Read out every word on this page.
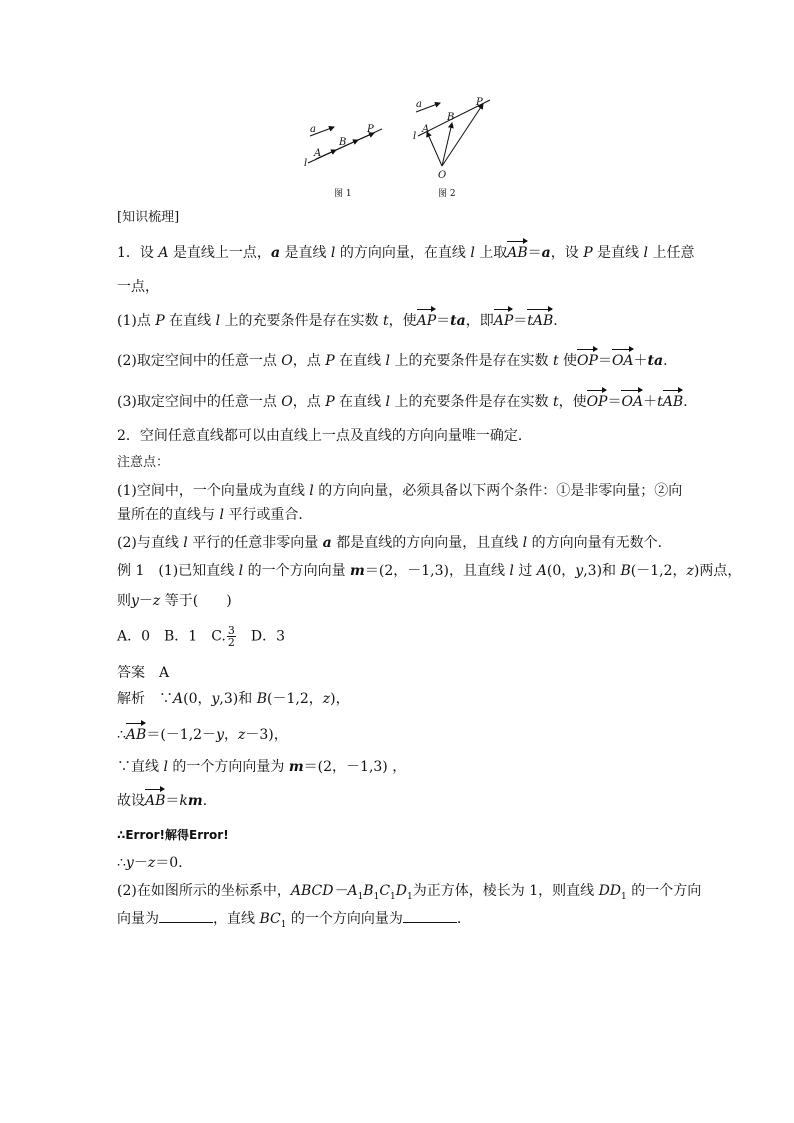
a
l
A
B
P
图 1
a
l
A
B
P
O
图 2
[知识梳理]
1．设 A 是直线上一点，a 是直线 l 的方向向量，在直线 l 上取AB＝a，设 P 是直线 l 上任意
一点，
(1)点 P 在直线 l 上的充要条件是存在实数 t，使AP＝ta，即AP＝tAB.
(2)取定空间中的任意一点 O，点 P 在直线 l 上的充要条件是存在实数 t 使OP＝OA＋ta.
(3)取定空间中的任意一点 O，点 P 在直线 l 上的充要条件是存在实数 t，使OP＝OA＋tAB.
2．空间任意直线都可以由直线上一点及直线的方向向量唯一确定．
注意点：
(1)空间中，一个向量成为直线 l 的方向向量，必须具备以下两个条件：①是非零向量；②向
量所在的直线与 l 平行或重合．
(2)与直线 l 平行的任意非零向量 a 都是直线的方向向量，且直线 l 的方向向量有无数个．
例 1　(1)已知直线 l 的一个方向向量 m＝(2，－1,3)，且直线 l 过 A(0，y,3)和 B(－1,2，z)两点，
则y－z 等于(　　)
A．0　B．1　C. $\frac{3}{2}$ 　D．3
答案　A
解析　∵A(0，y,3)和 B(－1,2，z)，
∴AB＝(－1,2－y，z－3)，
∵直线 l 的一个方向向量为 m＝(2，－1,3) ，
故设AB＝km.
∴Error!解得Error!
∴y－z＝0.
(2)在如图所示的坐标系中，$ABCD-A_1B_1C_1D_1$为正方体，棱长为 1，则直线 $DD_1$ 的一个方向
向量为	，直线 $BC_1$ 的一个方向向量为	.
